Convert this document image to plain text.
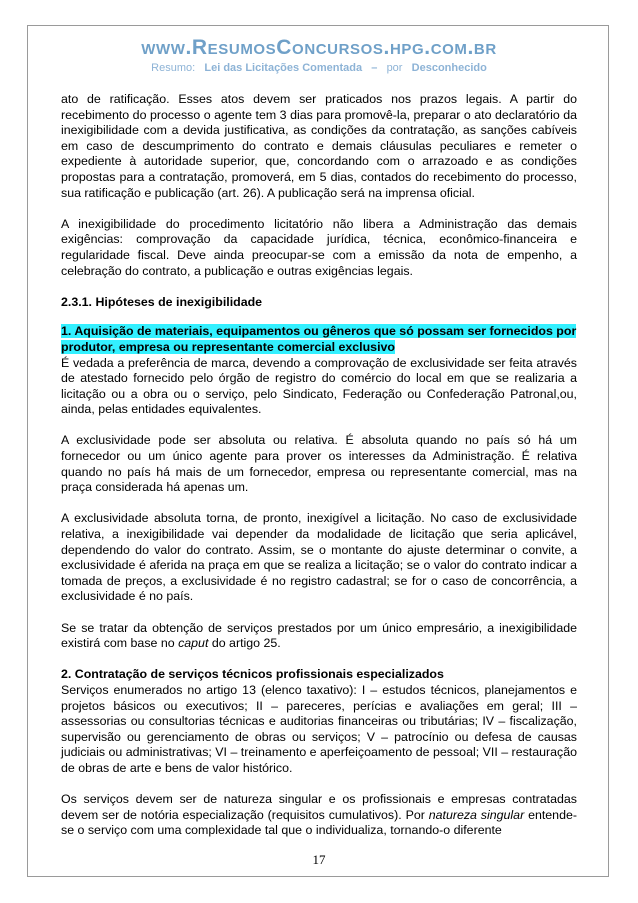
www.ResumosConcursos.hpg.com.br
Resumo: Lei das Licitações Comentada – por Desconhecido

ato de ratificação. Esses atos devem ser praticados nos prazos legais. A partir do recebimento do processo o agente tem 3 dias para promovê-la, preparar o ato declaratório da inexigibilidade com a devida justificativa, as condições da contratação, as sanções cabíveis em caso de descumprimento do contrato e demais cláusulas peculiares e remeter o expediente à autoridade superior, que, concordando com o arrazoado e as condições propostas para a contratação, promoverá, em 5 dias, contados do recebimento do processo, sua ratificação e publicação (art. 26). A publicação será na imprensa oficial.

A inexigibilidade do procedimento licitatório não libera a Administração das demais exigências: comprovação da capacidade jurídica, técnica, econômico-financeira e regularidade fiscal. Deve ainda preocupar-se com a emissão da nota de empenho, a celebração do contrato, a publicação e outras exigências legais.

2.3.1. Hipóteses de inexigibilidade
1. Aquisição de materiais, equipamentos ou gêneros que só possam ser fornecidos por produtor, empresa ou representante comercial exclusivo

É vedada a preferência de marca, devendo a comprovação de exclusividade ser feita através de atestado fornecido pelo órgão de registro do comércio do local em que se realizaria a licitação ou a obra ou o serviço, pelo Sindicato, Federação ou Confederação Patronal,ou, ainda, pelas entidades equivalentes.

A exclusividade pode ser absoluta ou relativa. É absoluta quando no país só há um fornecedor ou um único agente para prover os interesses da Administração. É relativa quando no país há mais de um fornecedor, empresa ou representante comercial, mas na praça considerada há apenas um.

A exclusividade absoluta torna, de pronto, inexigível a licitação. No caso de exclusividade relativa, a inexigibilidade vai depender da modalidade de licitação que seria aplicável, dependendo do valor do contrato. Assim, se o montante do ajuste determinar o convite, a exclusividade é aferida na praça em que se realiza a licitação; se o valor do contrato indicar a tomada de preços, a exclusividade é no registro cadastral; se for o caso de concorrência, a exclusividade é no país.

Se se tratar da obtenção de serviços prestados por um único empresário, a inexigibilidade existirá com base no caput do artigo 25.

2. Contratação de serviços técnicos profissionais especializados

Serviços enumerados no artigo 13 (elenco taxativo): I – estudos técnicos, planejamentos e projetos básicos ou executivos; II – pareceres, perícias e avaliações em geral; III – assessorias ou consultorias técnicas e auditorias financeiras ou tributárias; IV – fiscalização, supervisão ou gerenciamento de obras ou serviços; V – patrocínio ou defesa de causas judiciais ou administrativas; VI – treinamento e aperfeiçoamento de pessoal; VII – restauração de obras de arte e bens de valor histórico.

Os serviços devem ser de natureza singular e os profissionais e empresas contratadas devem ser de notória especialização (requisitos cumulativos). Por natureza singular entende-se o serviço com uma complexidade tal que o individualiza, tornando-o diferente

17
